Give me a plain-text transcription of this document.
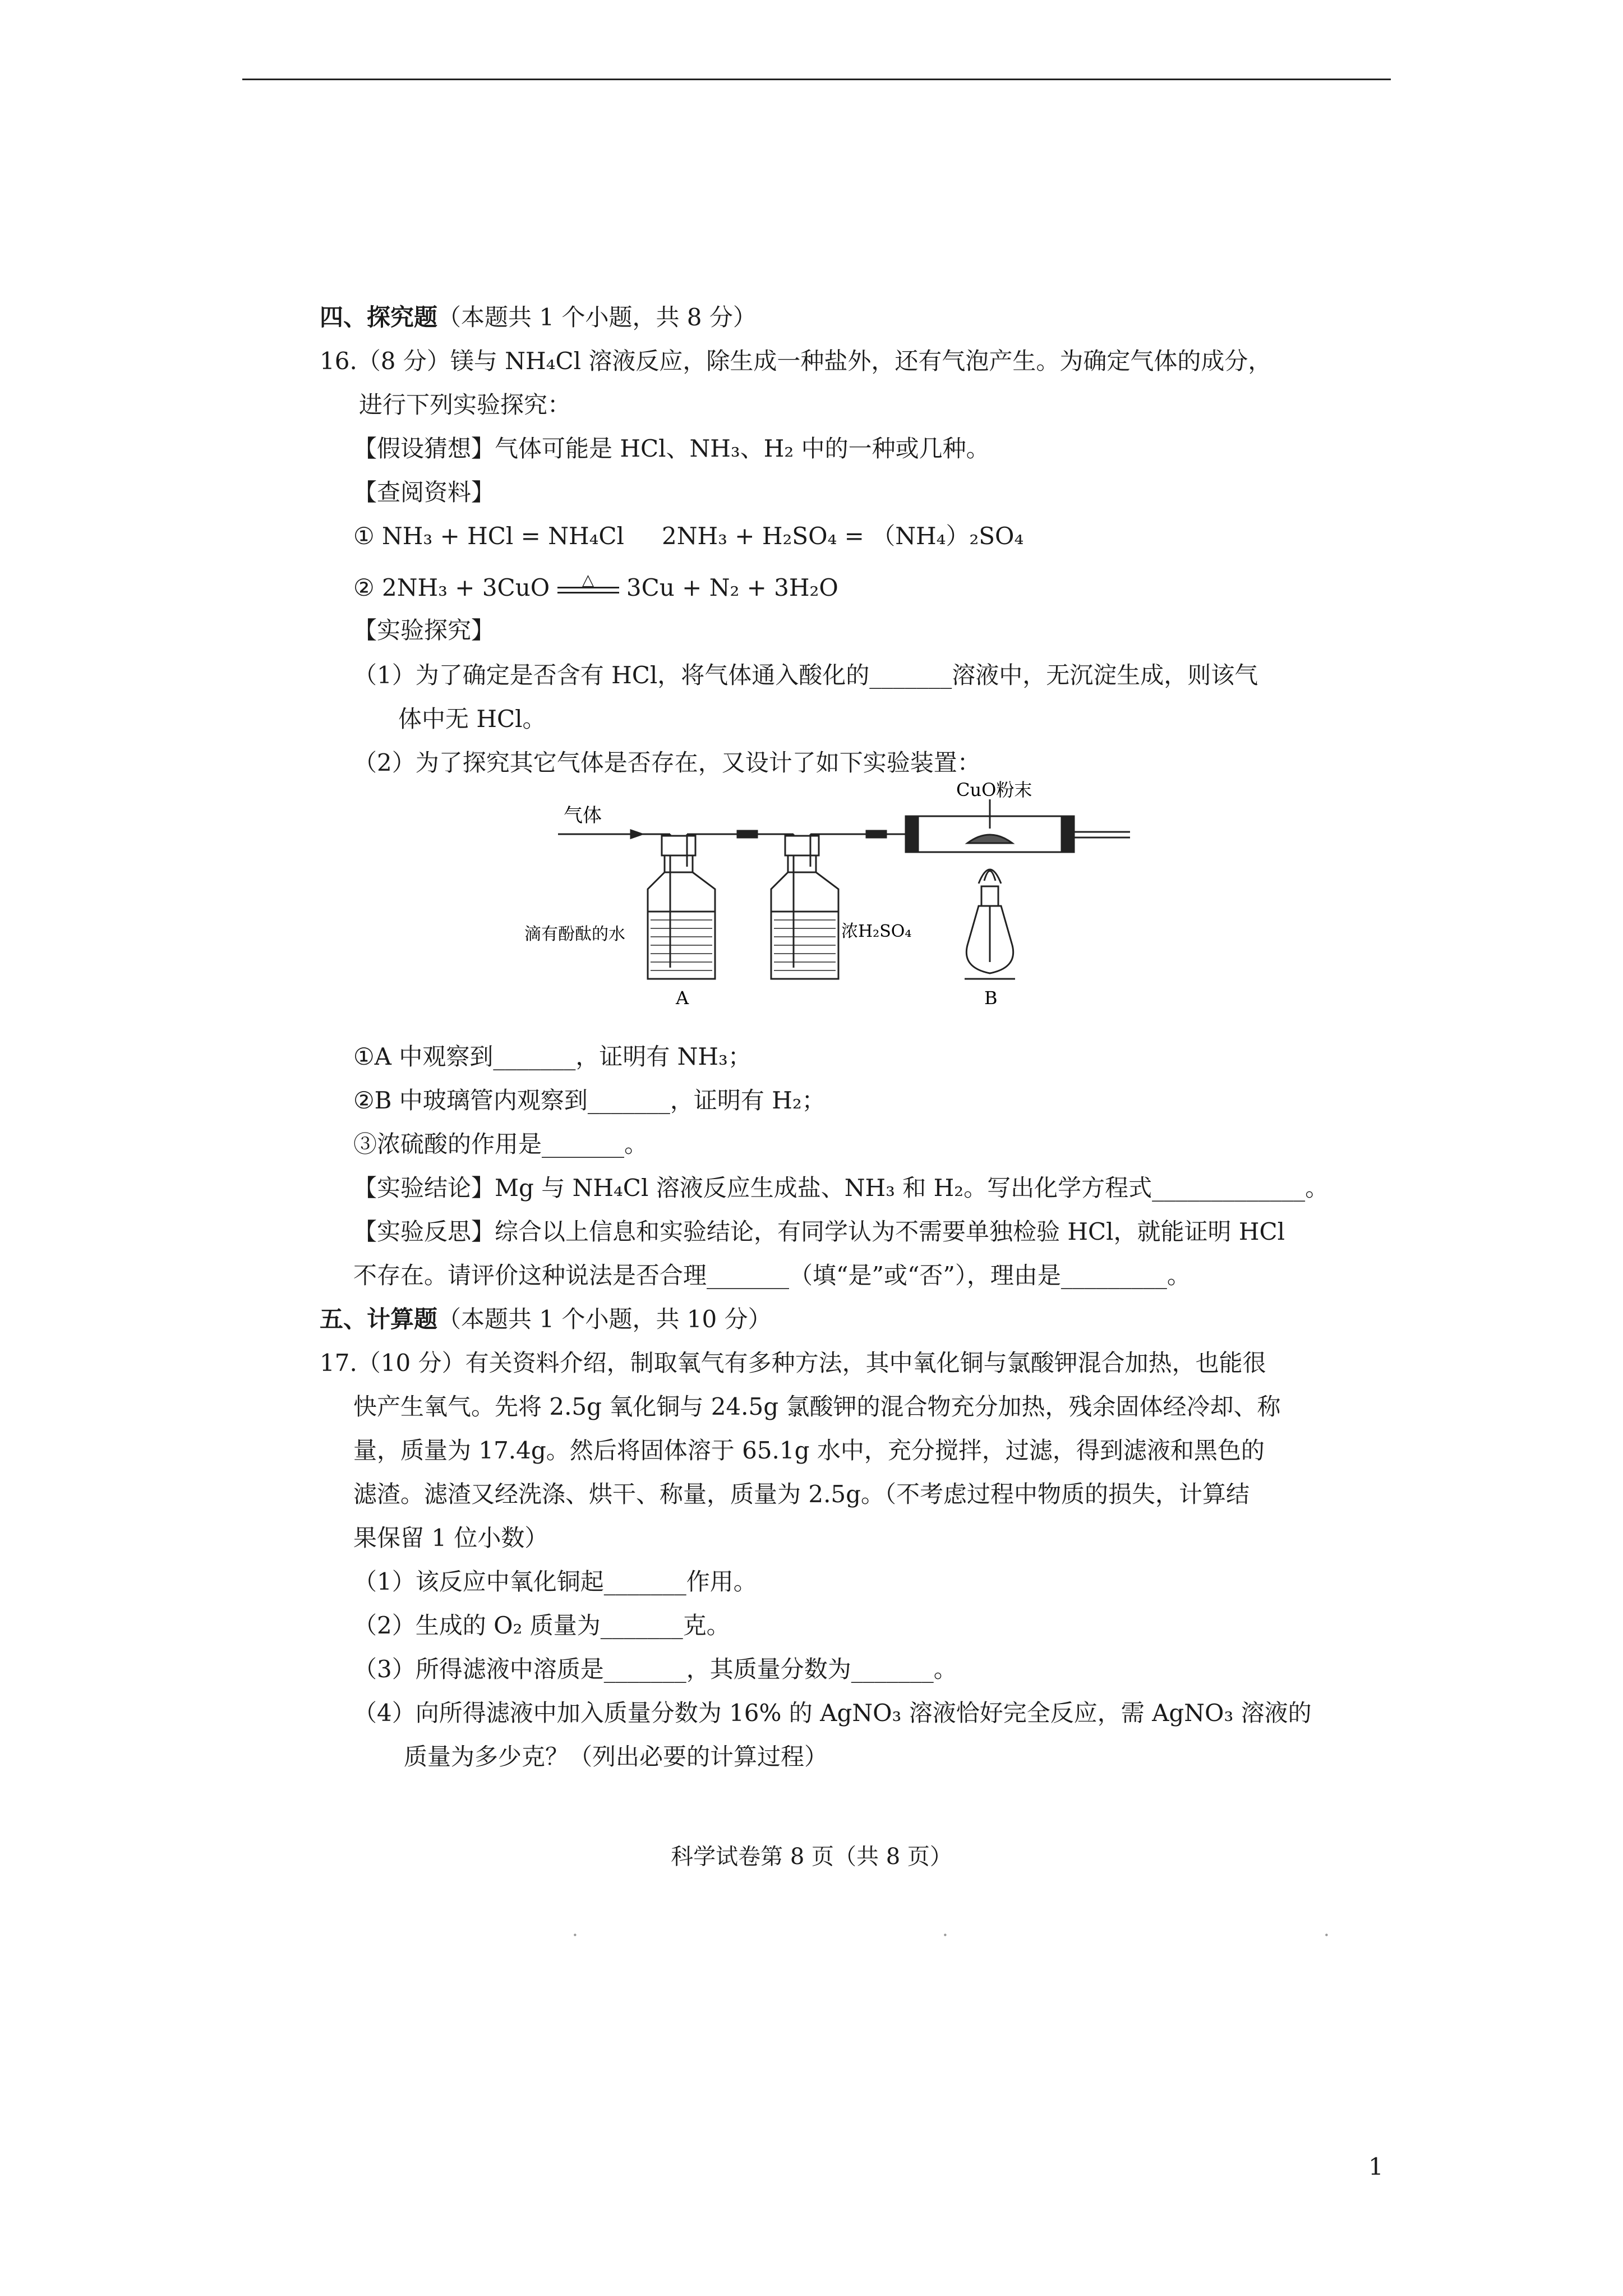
四、探究题（本题共 1 个小题，共 8 分）
16.（8 分）镁与 NH₄Cl 溶液反应，除生成一种盐外，还有气泡产生。为确定气体的成分，
进行下列实验探究：
【假设猜想】气体可能是 HCl、NH₃、H₂ 中的一种或几种。
【查阅资料】
① NH₃ + HCl = NH₄Cl 2NH₃ + H₂SO₄ = （NH₄）₂SO₄
② 2NH₃ + 3CuO	△	3Cu + N₂ + 3H₂O
【实验探究】
（1）为了确定是否含有 HCl，将气体通入酸化的_______溶液中，无沉淀生成，则该气
体中无 HCl。
（2）为了探究其它气体是否存在，又设计了如下实验装置：
气体
CuO粉末
滴有酚酞的水	浓H₂SO₄
A	B
①A 中观察到_______，证明有 NH₃；
②B 中玻璃管内观察到_______，证明有 H₂；
③浓硫酸的作用是_______。
【实验结论】Mg 与 NH₄Cl 溶液反应生成盐、NH₃ 和 H₂。写出化学方程式_____________。
【实验反思】综合以上信息和实验结论，有同学认为不需要单独检验 HCl，就能证明 HCl
不存在。请评价这种说法是否合理_______（填“是”或“否”），理由是_________。
五、计算题（本题共 1 个小题，共 10 分）
17.（10 分）有关资料介绍，制取氧气有多种方法，其中氧化铜与氯酸钾混合加热，也能很
快产生氧气。先将 2.5g 氧化铜与 24.5g 氯酸钾的混合物充分加热，残余固体经冷却、称
量，质量为 17.4g。然后将固体溶于 65.1g 水中，充分搅拌，过滤，得到滤液和黑色的
滤渣。滤渣又经洗涤、烘干、称量，质量为 2.5g。（不考虑过程中物质的损失，计算结
果保留 1 位小数）
（1）该反应中氧化铜起_______作用。
（2）生成的 O₂ 质量为_______克。
（3）所得滤液中溶质是_______，其质量分数为_______。
（4）向所得滤液中加入质量分数为 16% 的 AgNO₃ 溶液恰好完全反应，需 AgNO₃ 溶液的
质量为多少克？（列出必要的计算过程）
科学试卷第 8 页（共 8 页）
1
·	·	·
